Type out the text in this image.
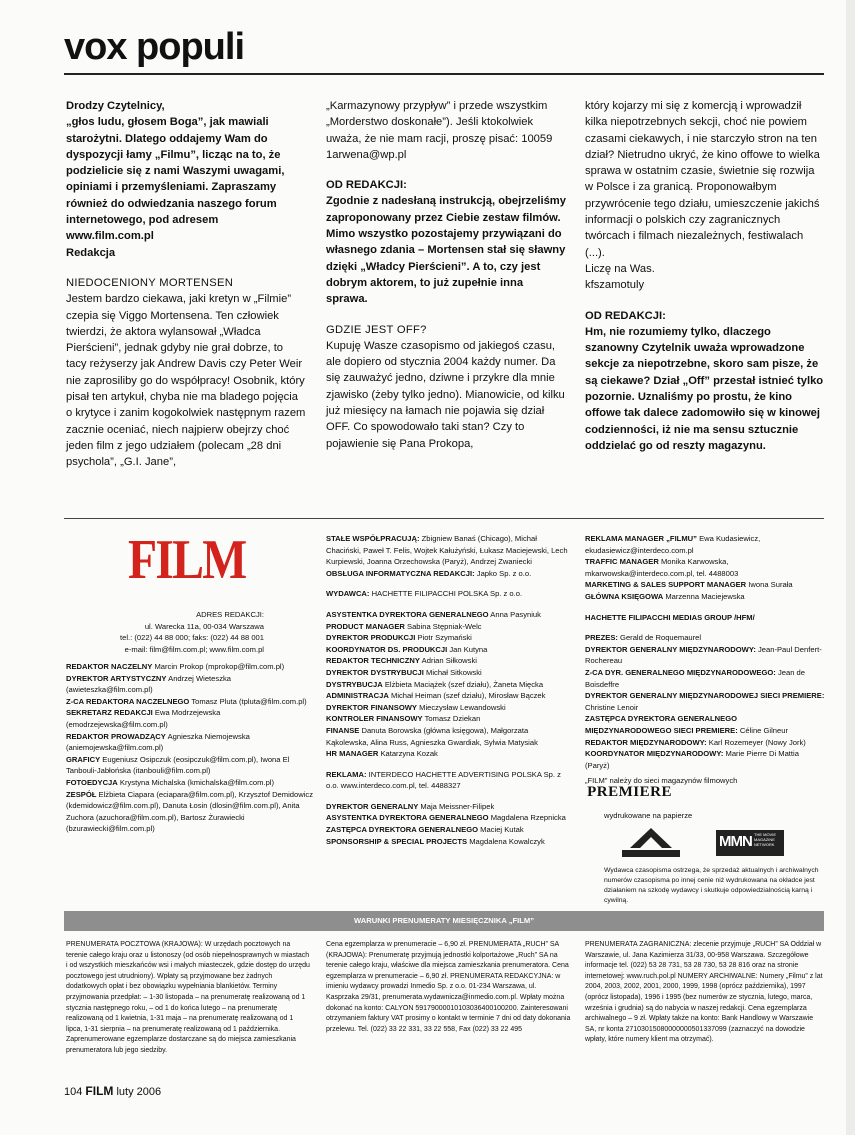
vox populi

Drodzy Czytelnicy,

„głos ludu, głosem Boga”, jak mawiali starożytni. Dlatego oddajemy Wam do dyspozycji łamy „Filmu”, licząc na to, że podzielicie się z nami Waszymi uwagami, opiniami i przemyśleniami. Zapraszamy również do odwiedzania naszego forum internetowego, pod adresem www.film.com.pl

Redakcja

NIEDOCENIONY MORTENSEN

Jestem bardzo ciekawa, jaki kretyn w „Filmie” czepia się Viggo Mortensena. Ten człowiek twierdzi, że aktora wylansował „Władca Pierścieni”, jednak gdyby nie grał dobrze, to tacy reżyserzy jak Andrew Davis czy Peter Weir nie zaprosiliby go do współpracy! Osobnik, który pisał ten artykuł, chyba nie ma bladego pojęcia o krytyce i zanim kogokolwiek następnym razem zacznie oceniać, niech najpierw obejrzy choć jeden film z jego udziałem (polecam „28 dni psychola”, „G.I. Jane”,

„Karmazynowy przypływ” i przede wszystkim „Morderstwo doskonałe”). Jeśli ktokolwiek uważa, że nie mam racji, proszę pisać: 10059 1arwena@wp.pl

OD REDAKCJI:

Zgodnie z nadesłaną instrukcją, obejrzeliśmy zaproponowany przez Ciebie zestaw filmów. Mimo wszystko pozostajemy przywiązani do własnego zdania – Mortensen stał się sławny dzięki „Władcy Pierścieni”. A to, czy jest dobrym aktorem, to już zupełnie inna sprawa.

GDZIE JEST OFF?

Kupuję Wasze czasopismo od jakiegoś czasu, ale dopiero od stycznia 2004 każdy numer. Da się zauważyć jedno, dziwne i przykre dla mnie zjawisko (żeby tylko jedno). Mianowicie, od kilku już miesięcy na łamach nie pojawia się dział OFF. Co spowodowało taki stan? Czy to pojawienie się Pana Prokopa,

który kojarzy mi się z komercją i wprowadził kilka niepotrzebnych sekcji, choć nie powiem czasami ciekawych, i nie starczyło stron na ten dział? Nietrudno ukryć, że kino offowe to wielka sprawa w ostatnim czasie, świetnie się rozwija w Polsce i za granicą. Proponowałbym przywrócenie tego działu, umieszczenie jakichś informacji o polskich czy zagranicznych twórcach i filmach niezależnych, festiwalach (...).

Liczę na Was.

kfszamotuly

OD REDAKCJI:

Hm, nie rozumiemy tylko, dlaczego szanowny Czytelnik uważa wprowadzone sekcje za niepotrzebne, skoro sam pisze, że są ciekawe? Dział „Off” przestał istnieć tylko pozornie. Uznaliśmy po prostu, że kino offowe tak dalece zadomowiło się w kinowej codzienności, iż nie ma sensu sztucznie oddzielać go od reszty magazynu.

FILM
ADRES REDAKCJI:
ul. Warecka 11a, 00-034 Warszawa
tel.: (022) 44 88 000; faks: (022) 44 88 001
e-mail: film@film.com.pl; www.film.com.pl
REDAKTOR NACZELNY Marcin Prokop (mprokop@film.com.pl)
DYREKTOR ARTYSTYCZNY Andrzej Wieteszka (awieteszka@film.com.pl)
Z-CA REDAKTORA NACZELNEGO Tomasz Pluta (tpluta@film.com.pl)
SEKRETARZ REDAKCJI Ewa Modrzejewska (emodrzejewska@film.com.pl)
REDAKTOR PROWADZĄCY Agnieszka Niemojewska (aniemojewska@film.com.pl)
GRAFICY Eugeniusz Osipczuk (eosipczuk@film.com.pl), Iwona El Tanbouli-Jabłońska (itanbouli@film.com.pl)
FOTOEDYCJA Krystyna Michalska (kmichalska@film.com.pl)
ZESPÓŁ Elżbieta Ciapara (eciapara@film.com.pl), Krzysztof Demidowicz (kdemidowicz@film.com.pl), Danuta Łosin (dlosin@film.com.pl), Anita Zuchora (azuchora@film.com.pl), Bartosz Żurawiecki (bzurawiecki@film.com.pl)
STAŁE WSPÓŁPRACUJĄ: Zbigniew Banaś (Chicago), Michał Chaciński, Paweł T. Felis, Wojtek Kałużyński, Łukasz Maciejewski, Lech Kurpiewski, Joanna Orzechowska (Paryż), Andrzej Zwaniecki
OBSŁUGA INFORMATYCZNA REDAKCJI: Japko Sp. z o.o.
WYDAWCA: HACHETTE FILIPACCHI POLSKA Sp. z o.o.
ASYSTENTKA DYREKTORA GENERALNEGO Anna Pasyniuk
PRODUCT MANAGER Sabina Stępniak-Welc
DYREKTOR PRODUKCJI Piotr Szymański
KOORDYNATOR DS. PRODUKCJI Jan Kutyna
REDAKTOR TECHNICZNY Adrian Siłkowski
DYREKTOR DYSTRYBUCJI Michał Sitkowski
DYSTRYBUCJA Elżbieta Maciążek (szef działu), Żaneta Mięcka
ADMINISTRACJA Michał Heiman (szef działu), Mirosław Bączek
DYREKTOR FINANSOWY Mieczysław Lewandowski
KONTROLER FINANSOWY Tomasz Dziekan
FINANSE Danuta Borowska (główna księgowa), Małgorzata Kąkolewska, Alina Russ, Agnieszka Gwardiak, Sylwia Matysiak
HR MANAGER Katarzyna Kozak
REKLAMA: INTERDECO HACHETTE ADVERTISING POLSKA Sp. z o.o. www.interdeco.com.pl, tel. 4488327
DYREKTOR GENERALNY Maja Meissner-Filipek
ASYSTENTKA DYREKTORA GENERALNEGO Magdalena Rzepnicka
ZASTĘPCA DYREKTORA GENERALNEGO Maciej Kutak
SPONSORSHIP & SPECIAL PROJECTS Magdalena Kowalczyk
REKLAMA MANAGER „FILMU” Ewa Kudasiewicz, ekudasiewicz@interdeco.com.pl
TRAFFIC MANAGER Monika Karwowska, mkarwowska@interdeco.com.pl, tel. 4488003
MARKETING & SALES SUPPORT MANAGER Iwona Surała
GŁÓWNA KSIĘGOWA Marzenna Maciejewska
HACHETTE FILIPACCHI MEDIAS GROUP /HFM/
PREZES: Gerald de Roquemaurel
DYREKTOR GENERALNY MIĘDZYNARODOWY: Jean-Paul Denfert-Rochereau
Z-CA DYR. GENERALNEGO MIĘDZYNARODOWEGO: Jean de Boisdeffre
DYREKTOR GENERALNY MIĘDZYNARODOWEJ SIECI PREMIERE: Christine Lenoir
ZASTĘPCA DYREKTORA GENERALNEGO MIĘDZYNARODOWEGO SIECI PREMIERE: Céline Gilneur
REDAKTOR MIĘDZYNARODOWY: Karl Rozemeyer (Nowy Jork)
KOORDYNATOR MIĘDZYNARODOWY: Marie Pierre Di Mattia (Paryż)
„FILM” należy do sieci magazynów filmowych  PREMIERE
wydrukowane na papierze
MMN THE MOVIE MAGAZINE NETWORK
Wydawca czasopisma ostrzega, że sprzedaż aktualnych i archiwalnych numerów czasopisma po innej cenie niż wydrukowana na okładce jest działaniem na szkodę wydawcy i skutkuje odpowiedzialnością karną i cywilną.
WARUNKI PRENUMERATY MIESIĘCZNIKA „FILM”
PRENUMERATA POCZTOWA (KRAJOWA): W urzędach pocztowych na terenie całego kraju oraz u listonoszy (od osób niepełnosprawnych w miastach i od wszystkich mieszkańców wsi i małych miasteczek, gdzie dostęp do urzędu pocztowego jest utrudniony). Wpłaty są przyjmowane bez żadnych dodatkowych opłat i bez obowiązku wypełniania blankietów. Terminy przyjmowania przedpłat: – 1-30 listopada – na prenumeratę realizowaną od 1 stycznia następnego roku, – od 1 do końca lutego – na prenumeratę realizowaną od 1 kwietnia, 1-31 maja – na prenumeratę realizowaną od 1 lipca, 1-31 sierpnia – na prenumeratę realizowaną od 1 października. Zaprenumerowane egzemplarze dostarczane są do miejsca zamieszkania prenumeratora lub jego siedziby.
Cena egzemplarza w prenumeracie – 6,90 zł. PRENUMERATA „RUCH” SA (KRAJOWA): Prenumeratę przyjmują jednostki kolportażowe „Ruch” SA na terenie całego kraju, właściwe dla miejsca zamieszkania prenumeratora. Cena egzemplarza w prenumeracie – 6,90 zł. PRENUMERATA REDAKCYJNA: w imieniu wydawcy prowadzi Inmedio Sp. z o.o. 01-234 Warszawa, ul. Kasprzaka 29/31, prenumerata.wydawnicza@inmedio.com.pl. Wpłaty można dokonać na konto: CALYON 59179000010103036400100200. Zainteresowani otrzymaniem faktury VAT prosimy o kontakt w terminie 7 dni od daty dokonania przelewu. Tel. (022) 33 22 331, 33 22 558, Fax (022) 33 22 495
PRENUMERATA ZAGRANICZNA: zlecenie przyjmuje „RUCH” SA Oddział w Warszawie, ul. Jana Kazimierza 31/33, 00-958 Warszawa. Szczegółowe informacje tel. (022) 53 28 731, 53 28 730, 53 28 816 oraz na stronie internetowej: www.ruch.pol.pl NUMERY ARCHIWALNE: Numery „Filmu” z lat 2004, 2003, 2002, 2001, 2000, 1999, 1998 (oprócz października), 1997 (oprócz listopada), 1996 i 1995 (bez numerów ze stycznia, lutego, marca, września i grudnia) są do nabycia w naszej redakcji. Cena egzemplarza archiwalnego – 9 zł. Wpłaty także na konto: Bank Handlowy w Warszawie SA, nr konta 27103015080000000501337099 (zaznaczyć na dowodzie wpłaty, które numery klient ma otrzymać).
104 FILM luty 2006
